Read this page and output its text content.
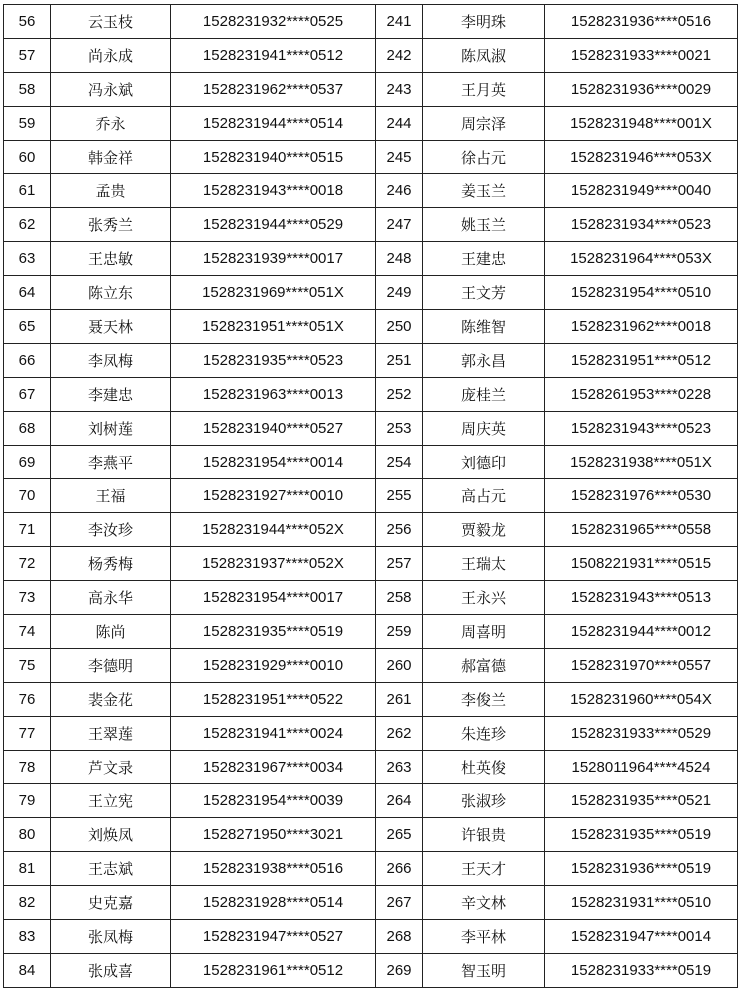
56	云玉枝	1528231932****0525	241	李明珠	1528231936****0516
57	尚永成	1528231941****0512	242	陈凤淑	1528231933****0021
58	冯永斌	1528231962****0537	243	王月英	1528231936****0029
59	乔永	1528231944****0514	244	周宗泽	1528231948****001X
60	韩金祥	1528231940****0515	245	徐占元	1528231946****053X
61	孟贵	1528231943****0018	246	姜玉兰	1528231949****0040
62	张秀兰	1528231944****0529	247	姚玉兰	1528231934****0523
63	王忠敏	1528231939****0017	248	王建忠	1528231964****053X
64	陈立东	1528231969****051X	249	王文芳	1528231954****0510
65	聂天林	1528231951****051X	250	陈维智	1528231962****0018
66	李凤梅	1528231935****0523	251	郭永昌	1528231951****0512
67	李建忠	1528231963****0013	252	庞桂兰	1528261953****0228
68	刘树莲	1528231940****0527	253	周庆英	1528231943****0523
69	李燕平	1528231954****0014	254	刘德印	1528231938****051X
70	王福	1528231927****0010	255	高占元	1528231976****0530
71	李汝珍	1528231944****052X	256	贾毅龙	1528231965****0558
72	杨秀梅	1528231937****052X	257	王瑞太	1508221931****0515
73	高永华	1528231954****0017	258	王永兴	1528231943****0513
74	陈尚	1528231935****0519	259	周喜明	1528231944****0012
75	李德明	1528231929****0010	260	郝富德	1528231970****0557
76	裴金花	1528231951****0522	261	李俊兰	1528231960****054X
77	王翠莲	1528231941****0024	262	朱连珍	1528231933****0529
78	芦文录	1528231967****0034	263	杜英俊	1528011964****4524
79	王立宪	1528231954****0039	264	张淑珍	1528231935****0521
80	刘焕凤	1528271950****3021	265	许银贵	1528231935****0519
81	王志斌	1528231938****0516	266	王天才	1528231936****0519
82	史克嘉	1528231928****0514	267	辛文林	1528231931****0510
83	张凤梅	1528231947****0527	268	李平林	1528231947****0014
84	张成喜	1528231961****0512	269	智玉明	1528231933****0519
